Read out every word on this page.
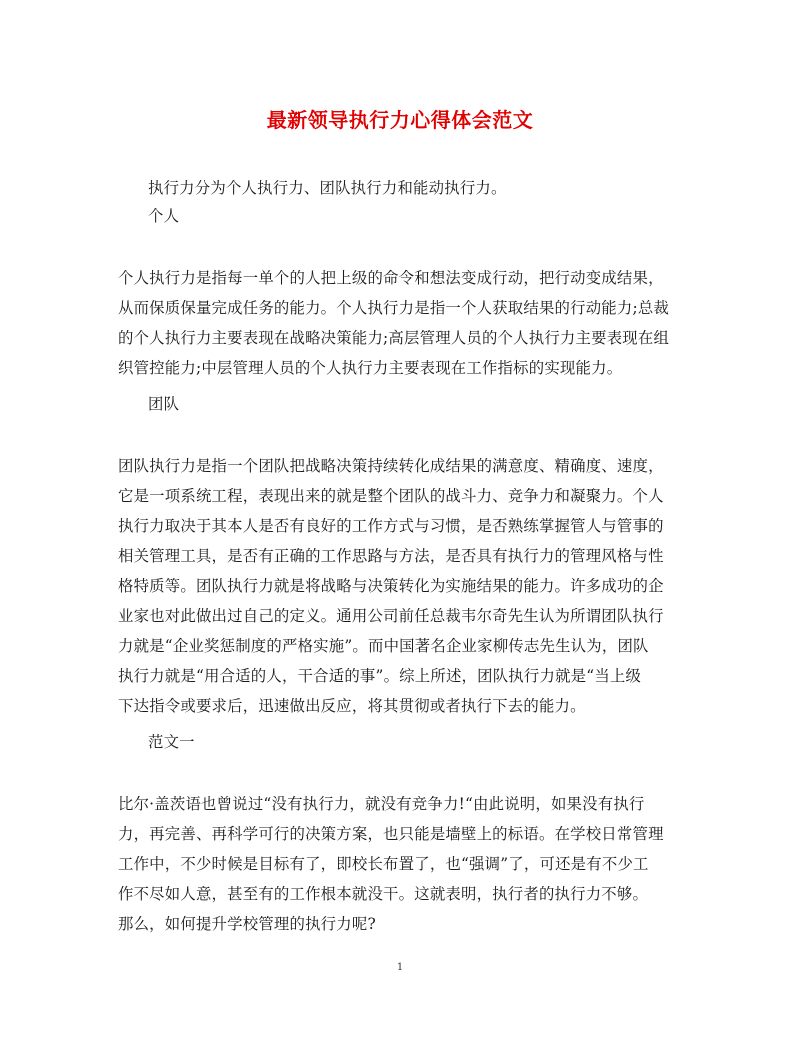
最新领导执行力心得体会范文

执行力分为个人执行力、团队执行力和能动执行力。

个人

个人执行力是指每一单个的人把上级的命令和想法变成行动，把行动变成结果，

从而保质保量完成任务的能力。个人执行力是指一个人获取结果的行动能力;总裁

的个人执行力主要表现在战略决策能力;高层管理人员的个人执行力主要表现在组

织管控能力;中层管理人员的个人执行力主要表现在工作指标的实现能力。

团队

团队执行力是指一个团队把战略决策持续转化成结果的满意度、精确度、速度，

它是一项系统工程，表现出来的就是整个团队的战斗力、竞争力和凝聚力。个人

执行力取决于其本人是否有良好的工作方式与习惯，是否熟练掌握管人与管事的

相关管理工具，是否有正确的工作思路与方法，是否具有执行力的管理风格与性

格特质等。团队执行力就是将战略与决策转化为实施结果的能力。许多成功的企

业家也对此做出过自己的定义。通用公司前任总裁韦尔奇先生认为所谓团队执行

力就是“企业奖惩制度的严格实施”。而中国著名企业家柳传志先生认为，团队

执行力就是“用合适的人，干合适的事”。综上所述，团队执行力就是“当上级

下达指令或要求后，迅速做出反应，将其贯彻或者执行下去的能力。

范文一

比尔·盖茨语也曾说过“没有执行力，就没有竞争力!“由此说明，如果没有执行

力，再完善、再科学可行的决策方案，也只能是墙壁上的标语。在学校日常管理

工作中，不少时候是目标有了，即校长布置了，也“强调”了，可还是有不少工

作不尽如人意，甚至有的工作根本就没干。这就表明，执行者的执行力不够。

那么，如何提升学校管理的执行力呢?

1
